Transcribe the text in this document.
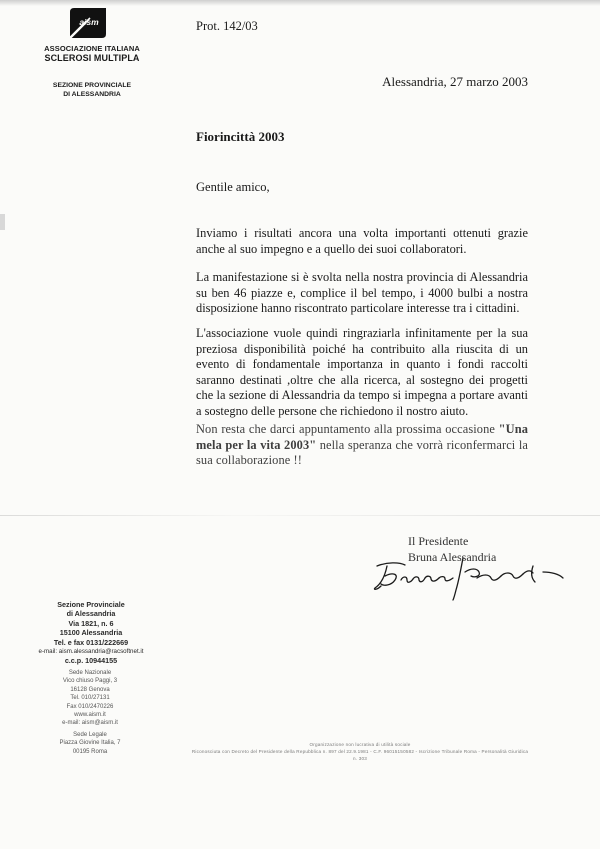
aism
ASSOCIAZIONE ITALIANA
SCLEROSI MULTIPLA
SEZIONE PROVINCIALE
DI ALESSANDRIA
Prot. 142/03
Alessandria, 27 marzo 2003
Fiorincittà 2003
Gentile amico,
Inviamo i risultati ancora una volta importanti ottenuti grazie anche al suo impegno e a quello dei suoi collaboratori.
La manifestazione si è svolta nella nostra provincia di Alessandria su ben 46 piazze e, complice il bel tempo, i 4000 bulbi a nostra disposizione hanno riscontrato particolare interesse tra i cittadini.
L'associazione vuole quindi ringraziarla infinitamente per la sua preziosa disponibilità poiché ha contribuito alla riuscita di un evento di fondamentale importanza in quanto i fondi raccolti saranno destinati ,oltre che alla ricerca, al sostegno dei progetti che la sezione di Alessandria da tempo si impegna a portare avanti a sostegno delle persone che richiedono il nostro aiuto.
Non resta che darci appuntamento alla prossima occasione "Una mela per la vita 2003" nella speranza che vorrà riconfermarci la sua collaborazione !!
Il Presidente
Bruna Alessandria
Sezione Provinciale
di Alessandria
Via 1821, n. 6
15100 Alessandria
Tel. e fax 0131/222669
e-mail: aism.alessandria@racsoftnet.it
c.c.p. 10944155
Sede Nazionale
Vico chiuso Paggi, 3
16128 Genova
Tel. 010/27131
Fax 010/2470226
www.aism.it
e-mail: aism@aism.it
Sede Legale
Piazza Giovine Italia, 7
00195 Roma
Organizzazione non lucrativa di utilità sociale
Riconosciuta con Decreto del Presidente della Repubblica n. 897 del 22.9.1981 - C.F. 96015150582 - Iscrizione Tribunale Roma - Personalità Giuridica n. 303
